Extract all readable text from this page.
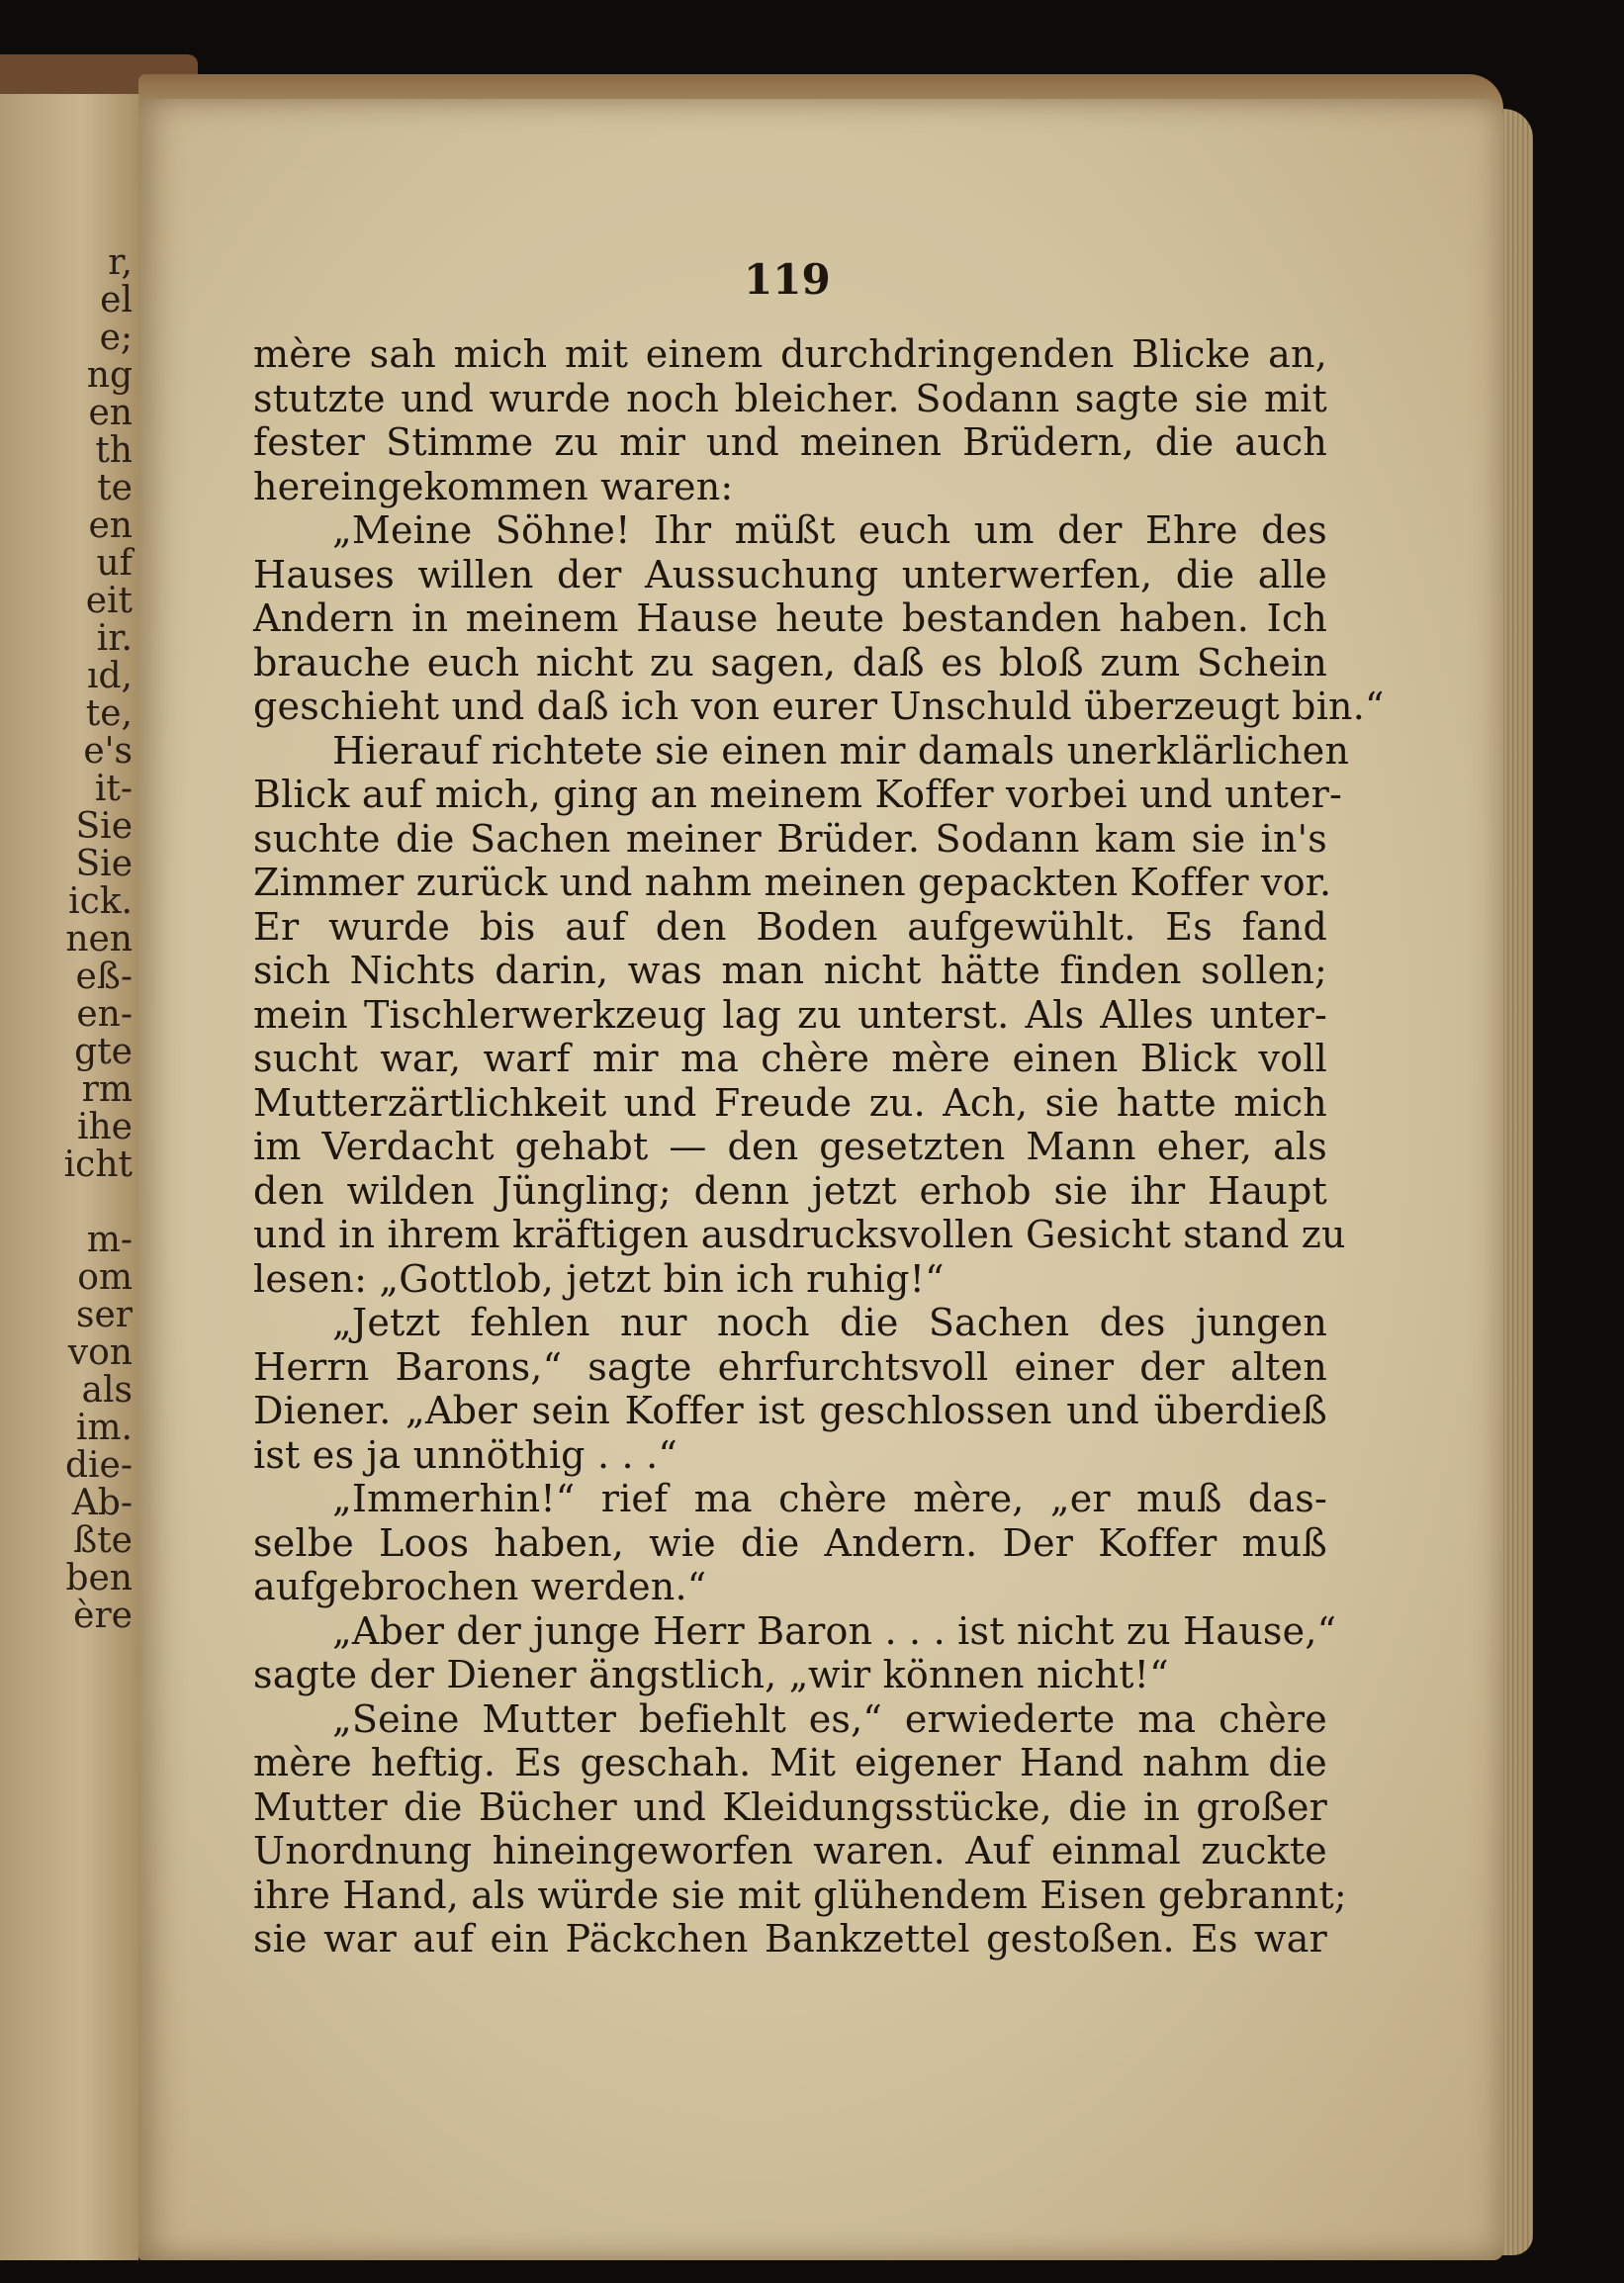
r,

el

e;

ng

en

th

te

en

uf

eit

ir.

ıd,

te,

e's

it-

Sie

Sie

ick.

nen

eß-

en-

gte

rm

ihe

icht

m-

om

ser

von

als

im.

die-

Ab-

ßte

ben

ère

119

mère sah mich mit einem durchdringenden Blicke an,
stutzte und wurde noch bleicher. Sodann sagte sie mit
fester Stimme zu mir und meinen Brüdern, die auch
hereingekommen waren:
„Meine Söhne! Ihr müßt euch um der Ehre des
Hauses willen der Aussuchung unterwerfen, die alle
Andern in meinem Hause heute bestanden haben. Ich
brauche euch nicht zu sagen, daß es bloß zum Schein
geschieht und daß ich von eurer Unschuld überzeugt bin.“
Hierauf richtete sie einen mir damals unerklärlichen
Blick auf mich, ging an meinem Koffer vorbei und unter-
suchte die Sachen meiner Brüder. Sodann kam sie in's
Zimmer zurück und nahm meinen gepackten Koffer vor.
Er wurde bis auf den Boden aufgewühlt. Es fand
sich Nichts darin, was man nicht hätte finden sollen;
mein Tischlerwerkzeug lag zu unterst. Als Alles unter-
sucht war, warf mir ma chère mère einen Blick voll
Mutterzärtlichkeit und Freude zu. Ach, sie hatte mich
im Verdacht gehabt — den gesetzten Mann eher, als
den wilden Jüngling; denn jetzt erhob sie ihr Haupt
und in ihrem kräftigen ausdrucksvollen Gesicht stand zu
lesen: „Gottlob, jetzt bin ich ruhig!“
„Jetzt fehlen nur noch die Sachen des jungen
Herrn Barons,“ sagte ehrfurchtsvoll einer der alten
Diener. „Aber sein Koffer ist geschlossen und überdieß
ist es ja unnöthig . . .“
„Immerhin!“ rief ma chère mère, „er muß das-
selbe Loos haben, wie die Andern. Der Koffer muß
aufgebrochen werden.“
„Aber der junge Herr Baron . . . ist nicht zu Hause,“
sagte der Diener ängstlich, „wir können nicht!“
„Seine Mutter befiehlt es,“ erwiederte ma chère
mère heftig. Es geschah. Mit eigener Hand nahm die
Mutter die Bücher und Kleidungsstücke, die in großer
Unordnung hineingeworfen waren. Auf einmal zuckte
ihre Hand, als würde sie mit glühendem Eisen gebrannt;
sie war auf ein Päckchen Bankzettel gestoßen. Es war
